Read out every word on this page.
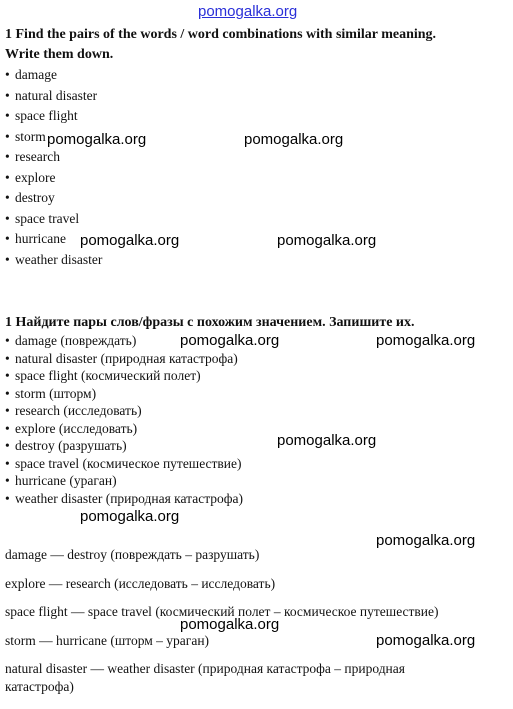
pomogalka.org
1 Find the pairs of the words / word combinations with similar meaning.
Write them down.
• damage
• natural disaster
• space flight
• storm
• research
• explore
• destroy
• space travel
• hurricane
• weather disaster
1 Найдите пары слов/фразы с похожим значением. Запишите их.
• damage (повреждать)
• natural disaster (природная катастрофа)
• space flight (космический полет)
• storm (шторм)
• research (исследовать)
• explore (исследовать)
• destroy (разрушать)
• space travel (космическое путешествие)
• hurricane (ураган)
• weather disaster (природная катастрофа)
damage — destroy (повреждать – разрушать)
explore — research (исследовать – исследовать)
space flight — space travel (космический полет – космическое путешествие)
storm — hurricane (шторм – ураган)
natural disaster — weather disaster (природная катастрофа – природная
катастрофа)
pomogalka.org	pomogalka.org
pomogalka.org	pomogalka.org
pomogalka.org	pomogalka.org
pomogalka.org
pomogalka.org
pomogalka.org
pomogalka.org
pomogalka.org
